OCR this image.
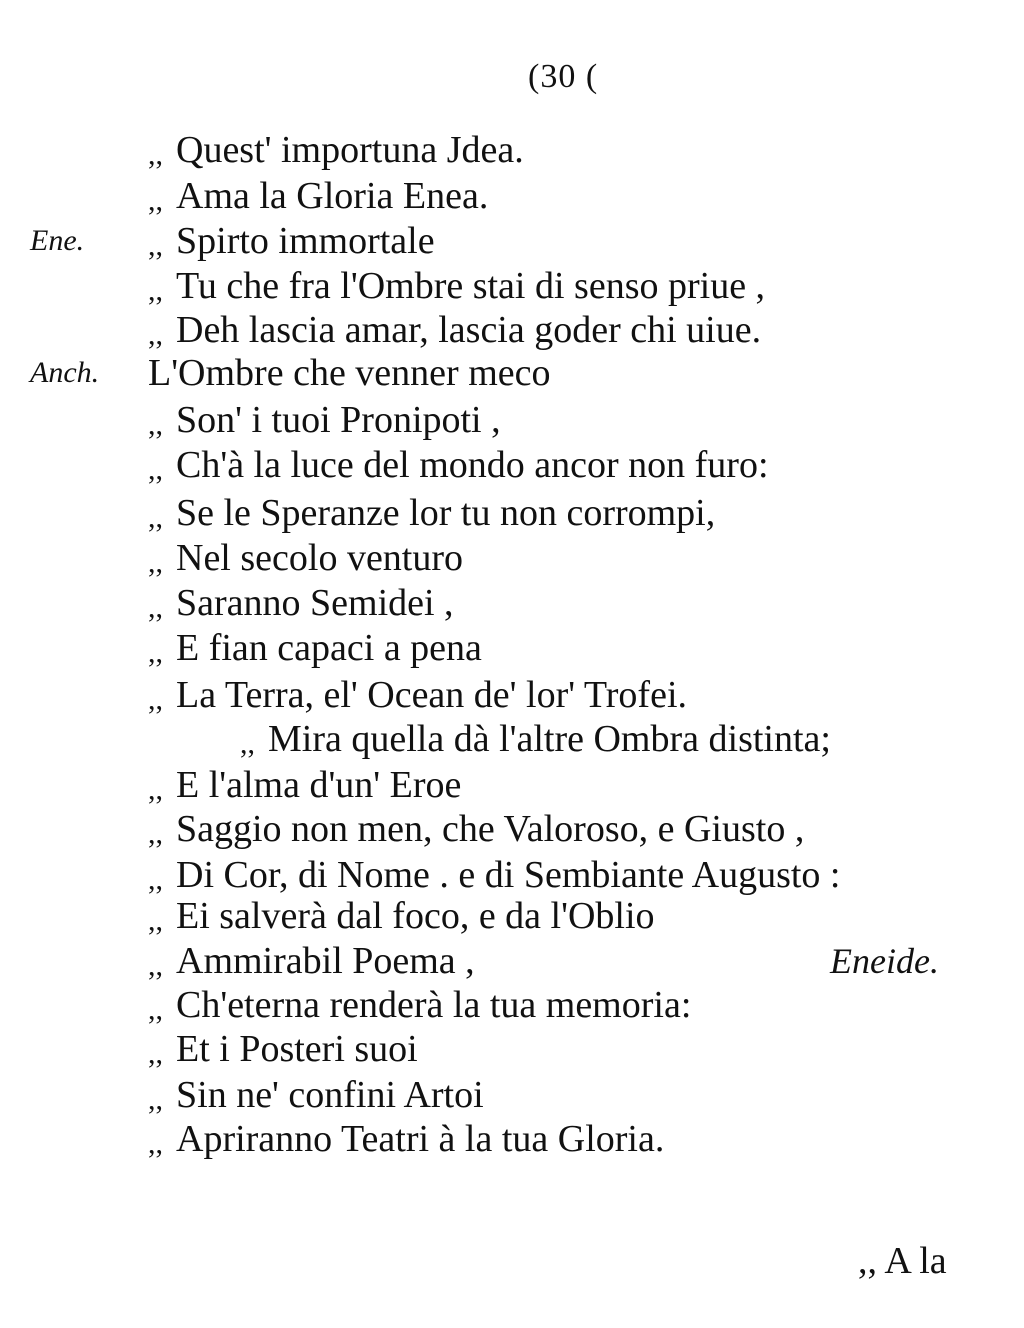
(30 (
Ene.
Anch.
,, Quest' importuna Jdea.
,, Ama la Gloria Enea.
,, Spirto immortale
,, Tu che fra l'Ombre stai di senso priue ,
,, Deh lascia amar, lascia goder chi uiue.
L'Ombre che venner meco
,, Son' i tuoi Pronipoti ,
,, Ch'à la luce del mondo ancor non furo:
,, Se le Speranze lor tu non corrompi,
,, Nel secolo venturo
,, Saranno Semidei ,
,, E fian capaci a pena
,, La Terra, el' Ocean de' lor' Trofei.
,, Mira quella dà l'altre Ombra distinta;
,, E l'alma d'un' Eroe
,, Saggio non men, che Valoroso, e Giusto ,
,, Di Cor, di Nome . e di Sembiante Augusto :
,, Ei salverà dal foco, e da l'Oblio
,, Ammirabil Poema ,
,, Ch'eterna renderà la tua memoria:
,, Et i Posteri suoi
,, Sin ne' confini Artoi
,, Apriranno Teatri à la tua Gloria.
Eneide.
,, A la
